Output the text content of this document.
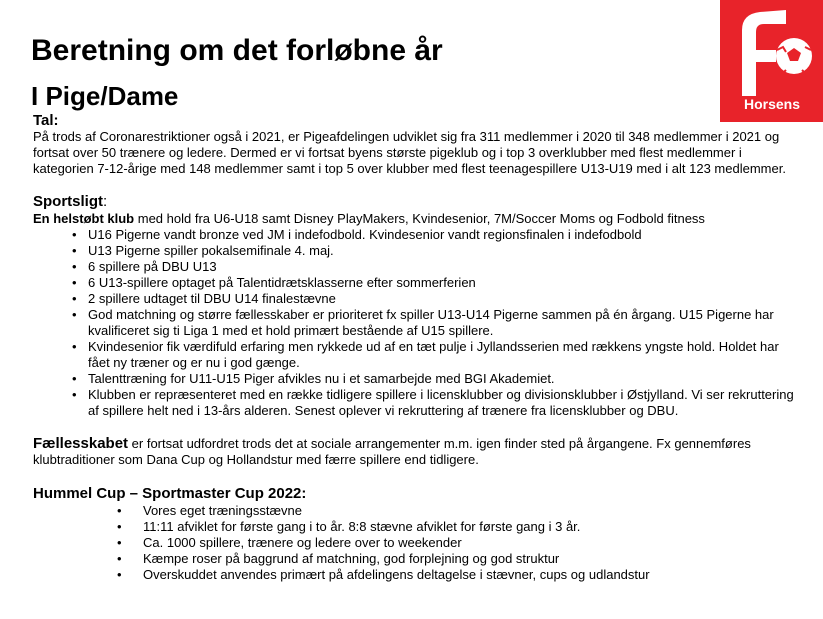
Horsens
Beretning om det forløbne år
I Pige/Dame
Tal:

På trods af Coronarestriktioner også i 2021, er Pigeafdelingen udviklet sig fra 311 medlemmer i 2020 til 348 medlemmer i 2021 og fortsat over 50 trænere og ledere. Dermed er vi fortsat byens største pigeklub og i top 3 overklubber med flest medlemmer i kategorien 7-12-årige med 148 medlemmer samt i top 5 over klubber med flest teenagespillere U13-U19 med i alt 123 medlemmer.

Sportsligt:
En helstøbt klub med hold fra U6-U18 samt Disney PlayMakers, Kvindesenior, 7M/Soccer Moms og Fodbold fitness
• U16 Pigerne vandt bronze ved JM i indefodbold. Kvindesenior vandt regionsfinalen i indefodbold
• U13 Pigerne spiller pokalsemifinale 4. maj.
• 6 spillere på DBU U13
• 6 U13-spillere optaget på Talentidrætsklasserne efter sommerferien
• 2 spillere udtaget til DBU U14 finalestævne
• God matchning og større fællesskaber er prioriteret fx spiller U13-U14 Pigerne sammen på én årgang. U15 Pigerne har kvalificeret sig ti Liga 1 med et hold primært bestående af U15 spillere.
• Kvindesenior fik værdifuld erfaring men rykkede ud af en tæt pulje i Jyllandsserien med rækkens yngste hold. Holdet har fået ny træner og er nu i god gænge.
• Talenttræning for U11-U15 Piger afvikles nu i et samarbejde med BGI Akademiet.
• Klubben er repræsenteret med en række tidligere spillere i licensklubber og divisionsklubber i Østjylland. Vi ser rekruttering af spillere helt ned i 13-års alderen. Senest oplever vi rekruttering af trænere fra licensklubber og DBU.

Fællesskabet er fortsat udfordret trods det at sociale arrangementer m.m. igen finder sted på årgangene. Fx gennemføres klubtraditioner som Dana Cup og Hollandstur med færre spillere end tidligere.

Hummel Cup – Sportmaster Cup 2022:
• Vores eget træningsstævne
• 11:11 afviklet for første gang i to år. 8:8 stævne afviklet for første gang i 3 år.
• Ca. 1000 spillere, trænere og ledere over to weekender
• Kæmpe roser på baggrund af matchning, god forplejning og god struktur
• Overskuddet anvendes primært på afdelingens deltagelse i stævner, cups og udlandstur
